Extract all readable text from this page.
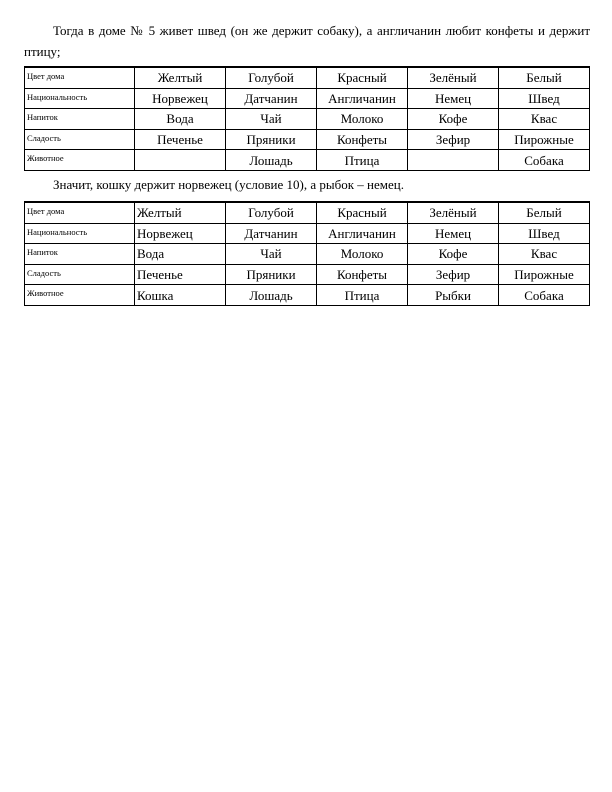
Тогда в доме № 5 живет швед (он же держит собаку), а англичанин любит конфеты и держит птицу;

Цвет дома	Желтый	Голубой	Красный	Зелёный	Белый
Национальность	Норвежец	Датчанин	Англичанин	Немец	Швед
Напиток	Вода	Чай	Молоко	Кофе	Квас
Сладость	Печенье	Пряники	Конфеты	Зефир	Пирожные
Животное		Лошадь	Птица		Собака

Значит, кошку держит норвежец (условие 10), а рыбок – немец.

Цвет дома	Желтый	Голубой	Красный	Зелёный	Белый
Национальность	Норвежец	Датчанин	Англичанин	Немец	Швед
Напиток	Вода	Чай	Молоко	Кофе	Квас
Сладость	Печенье	Пряники	Конфеты	Зефир	Пирожные
Животное	Кошка	Лошадь	Птица	Рыбки	Собака
